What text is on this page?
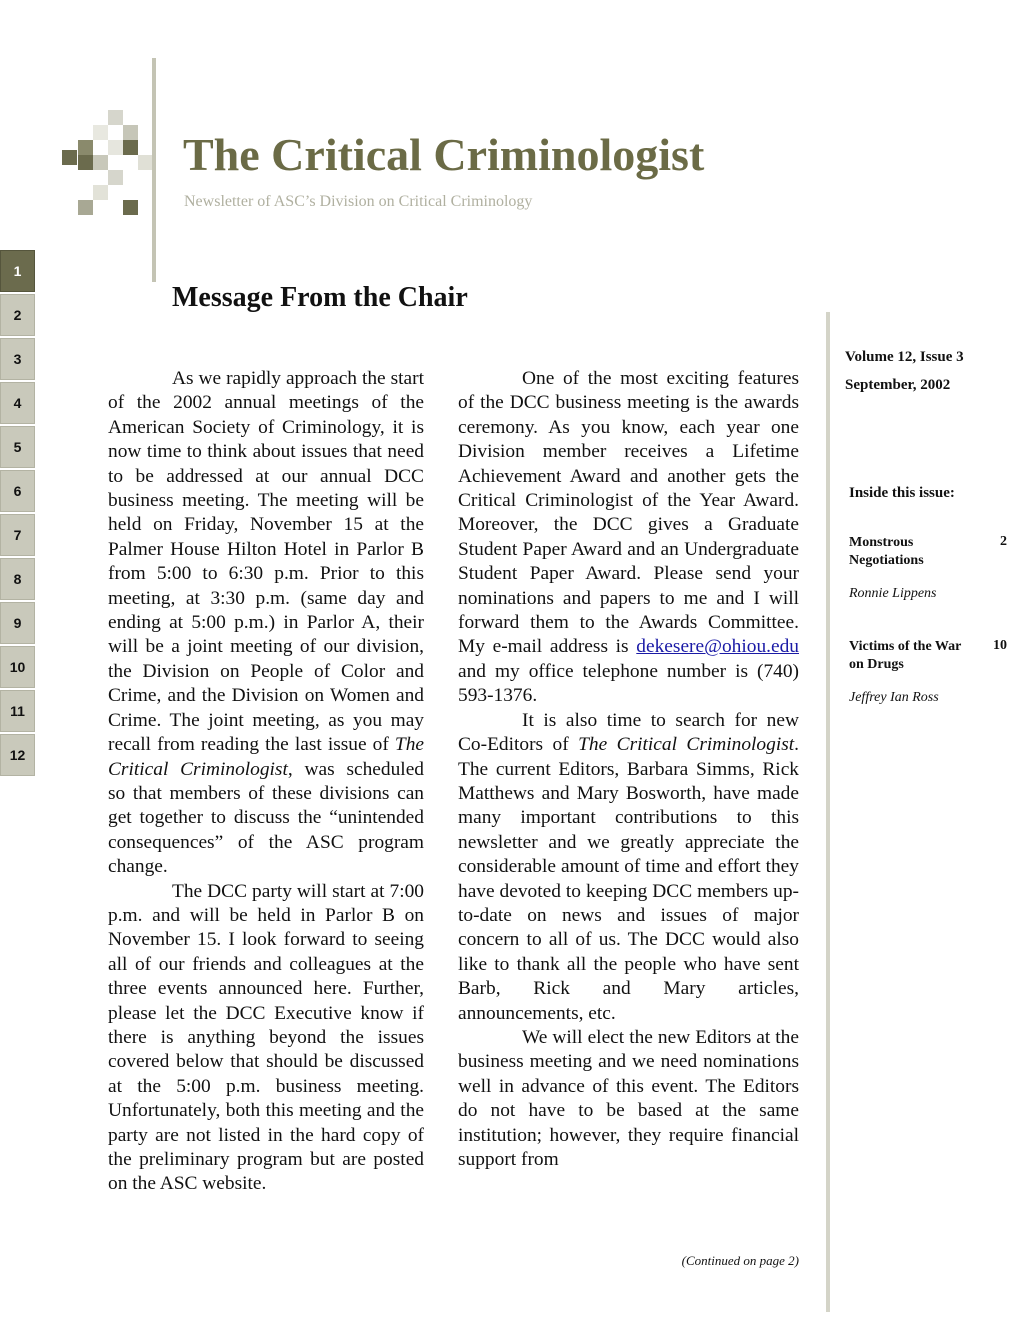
1
2
3
4
5
6
7
8
9
10
11
12
The Critical Criminologist
Newsletter of ASC’s Division on Critical Criminology
Message From the Chair

As we rapidly approach the start of the 2002 annual meetings of the American Society of Criminology, it is now time to think about issues that need to be addressed at our annual DCC business meeting. The meeting will be held on Friday, November 15 at the Palmer House Hilton Hotel in Parlor B from 5:00 to 6:30 p.m. Prior to this meeting, at 3:30 p.m. (same day and ending at 5:00 p.m.) in Parlor A, their will be a joint meeting of our division, the Division on People of Color and Crime, and the Division on Women and Crime. The joint meeting, as you may recall from reading the last issue of The Critical Criminologist, was scheduled so that members of these divisions can get together to discuss the “unintended consequences” of the ASC program change.

The DCC party will start at 7:00 p.m. and will be held in Parlor B on November 15. I look forward to seeing all of our friends and colleagues at the three events announced here. Further, please let the DCC Executive know if there is anything beyond the issues covered below that should be discussed at the 5:00 p.m. business meeting. Unfortunately, both this meeting and the party are not listed in the hard copy of the preliminary program but are posted on the ASC website.

One of the most exciting features of the DCC business meeting is the awards ceremony. As you know, each year one Division member receives a Lifetime Achievement Award and another gets the Critical Criminologist of the Year Award. Moreover, the DCC gives a Graduate Student Paper Award and an Undergraduate Student Paper Award. Please send your nominations and papers to me and I will forward them to the Awards Committee. My e-mail address is dekesere@ohiou.edu and my office telephone number is (740) 593-1376.

It is also time to search for new Co-Editors of The Critical Criminologist. The current Editors, Barbara Simms, Rick Matthews and Mary Bosworth, have made many important contributions to this newsletter and we greatly appreciate the considerable amount of time and effort they have devoted to keeping DCC members up-to-date on news and issues of major concern to all of us. The DCC would also like to thank all the people who have sent Barb, Rick and Mary articles, announcements, etc.

We will elect the new Editors at the business meeting and we need nominations well in advance of this event. The Editors do not have to be based at the same institution; however, they require financial support from

(Continued on page 2)
Volume 12, Issue 3
September, 2002
Inside this issue:
Monstrous Negotiations
2
Ronnie Lippens
Victims of the War on Drugs
10
Jeffrey Ian Ross
